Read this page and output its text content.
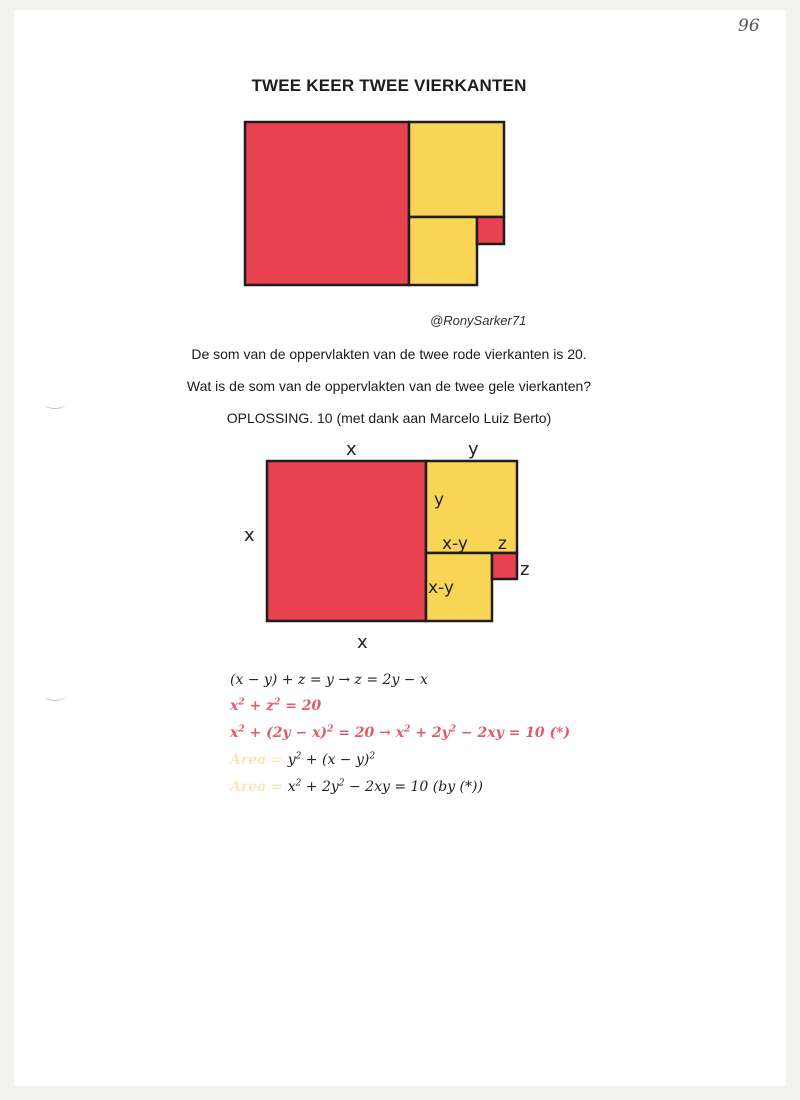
96
TWEE KEER TWEE VIERKANTEN
x	y
x
y
x-y z
x-y
z
x
@RonySarker71
De som van de oppervlakten van de twee rode vierkanten is 20.
Wat is de som van de oppervlakten van de twee gele vierkanten?
OPLOSSING. 10 (met dank aan Marcelo Luiz Berto)
(x − y) + z = y → z = 2y − x
$x^2 + z^2 = 20$
$x^2 + (2y - x)^2 = 20 \to x^2 + 2y^2 - 2xy = 10$ (*)
Area = $y^2 + (x - y)^2$
Area = $x^2 + 2y^2 - 2xy = 10$ (by (*))
